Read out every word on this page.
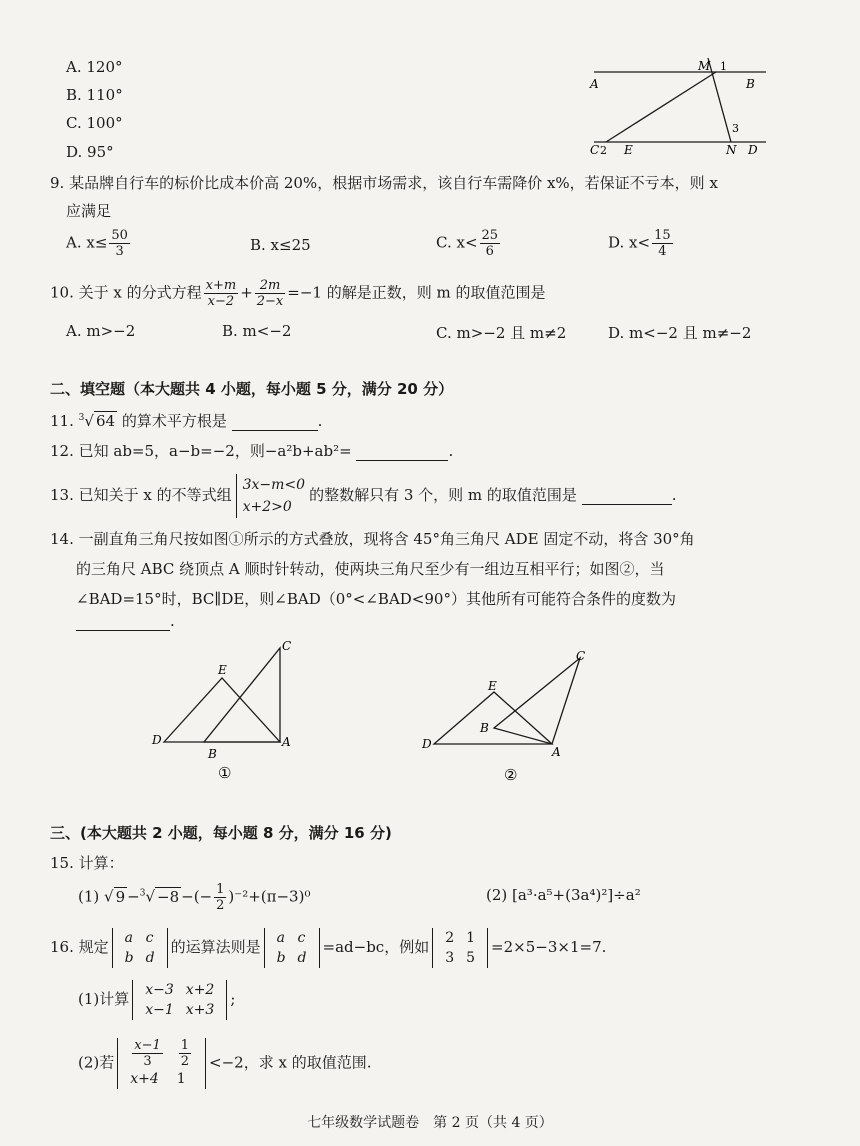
A. 120°
B. 110°
C. 100°
D. 95°
M 1
A	B
3
C 2 E	N D
9. 某品牌自行车的标价比成本价高 20%，根据市场需求，该自行车需降价 x%，若保证不亏本，则 x
应满足
A. $x\le \frac{50}{3}$	B. x≤25	C. $x< \frac{25}{6}$	D. $x< \frac{15}{4}$
10. 关于 x 的分式方程 $\frac{x+m}{x-2} + \frac{2m}{2-x} =-1$ 的解是正数，则 m 的取值范围是
A. m>−2	B. m<−2	C. m>−2 且 m≠2	D. m<−2 且 m≠−2
二、填空题（本大题共 4 小题，每小题 5 分，满分 20 分）
11. $^3$√ 64 的算术平方根是	.
12. 已知 ab=5，a−b=−2，则−a²b+ab²=	.
13. 已知关于 x 的不等式组
3x−m<0
x+2>0
的整数解只有 3 个，则 m 的取值范围是	.
14. 一副直角三角尺按如图①所示的方式叠放，现将含 45°角三角尺 ADE 固定不动，将含 30°角
的三角尺 ABC 绕顶点 A 顺时针转动，使两块三角尺至少有一组边互相平行；如图②，当
∠BAD=15°时，BC∥DE，则∠BAD（0°<∠BAD<90°）其他所有可能符合条件的度数为
.
C
E
D
B
A
①
C
E
B
D
A
②
三、(本大题共 2 小题，每小题 8 分，满分 16 分)
15. 计算：
(1) √ 9 −$^3$√ −8 −(− $\frac{1}{2} )^{-2}+(\pi-3)^0$	(2) [a³·a⁵+(3a⁴)²]÷a²
16. 规定 a	c
b	d
的运算法则是 a	c
b	d
=ad−bc，例如 2	1
3	5
=2×5−3×1=7.
(1)计算 x−3	x+2
x−1	x+3
;
(2)若 $\frac{x-1}{3}$	$\frac{1}{2}$

x+4	1
<−2，求 x 的取值范围.
七年级数学试题卷　第 2 页（共 4 页）
